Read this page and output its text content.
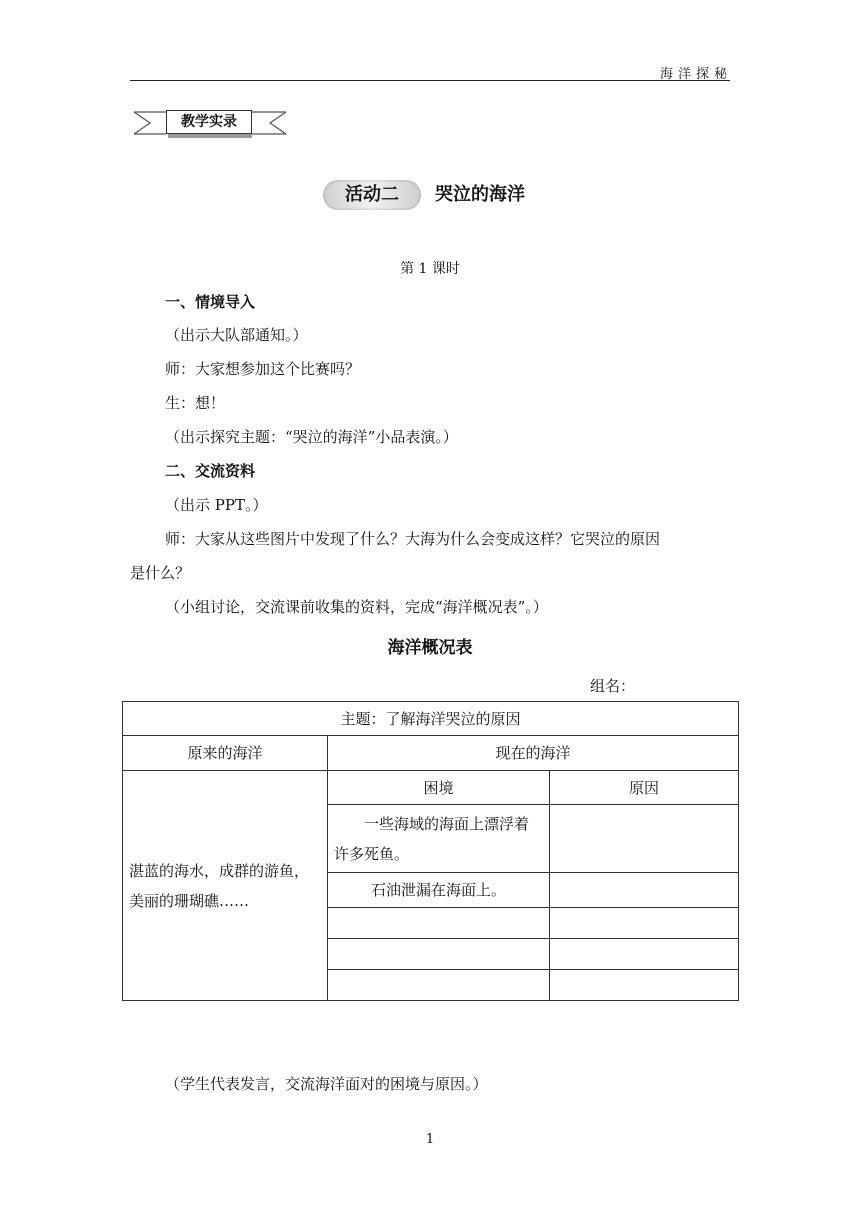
海洋探秘
教学实录
活动二	哭泣的海洋
第 1 课时
一、情境导入
（出示大队部通知。）
师：大家想参加这个比赛吗？
生：想！
（出示探究主题：“哭泣的海洋”小品表演。）
二、交流资料
（出示 PPT。）
师：大家从这些图片中发现了什么？大海为什么会变成这样？它哭泣的原因
是什么？
（小组讨论，交流课前收集的资料，完成“海洋概况表”。）
海洋概况表
组名：
主题：了解海洋哭泣的原因		
原来的海洋	现在的海洋	
湛蓝的海水，成群的游鱼，美丽的珊瑚礁……	困境	原因
	一些海域的海面上漂浮着许多死鱼。	
	石油泄漏在海面上。	

（学生代表发言，交流海洋面对的困境与原因。）
1
